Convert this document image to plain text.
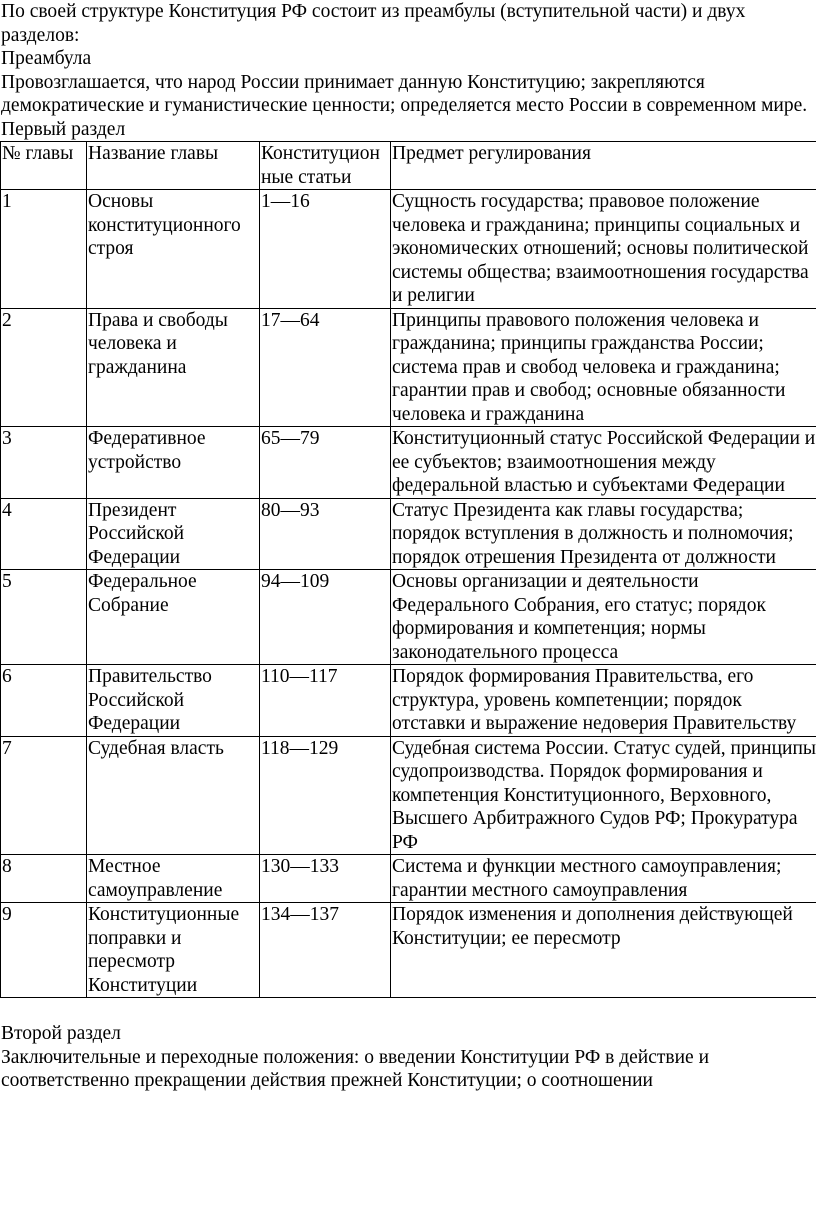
По своей структуре Конституция РФ состоит из преамбулы (вступительной части) и двух разделов:

Преамбула

Провозглашается, что народ России принимает данную Конституцию; закрепляются демократические и гуманистические ценности; определяется место России в современном мире.

Первый раздел

№ главы	Название главы	Конституционные статьи	Предмет регулирования
1	Основы конституционного строя	1—16	Сущность государства; правовое положение человека и гражданина; принципы социальных и экономических отношений; основы политической системы общества; взаимоотношения государства и религии
2	Права и свободы человека и гражданина	17—64	Принципы правового положения человека и гражданина; принципы гражданства России; система прав и свобод человека и гражданина; гарантии прав и свобод; основные обязанности человека и гражданина
3	Федеративное устройство	65—79	Конституционный статус Российской Федерации и ее субъектов; взаимоотношения между федеральной властью и субъектами Федерации
4	Президент Российской Федерации	80—93	Статус Президента как главы государства; порядок вступления в должность и полномочия; порядок отрешения Президента от должности
5	Федеральное Собрание	94—109	Основы организации и деятельности Федерального Собрания, его статус; порядок формирования и компетенция; нормы законодательного процесса
6	Правительство Российской Федерации	110—117	Порядок формирования Правительства, его структура, уровень компетенции; порядок отставки и выражение недоверия Правительству
7	Судебная власть	118—129	Судебная система России. Статус судей, принципы судопроизводства. Порядок формирования и компетенция Конституционного, Верховного, Высшего Арбитражного Судов РФ; Прокуратура РФ
8	Местное самоуправление	130—133	Система и функции местного самоуправления; гарантии местного самоуправления
9	Конституционные поправки и пересмотр Конституции	134—137	Порядок изменения и дополнения действующей Конституции; ее пересмотр

Второй раздел

Заключительные и переходные положения: о введении Конституции РФ в действие и соответственно прекращении действия прежней Конституции; о соотношении
